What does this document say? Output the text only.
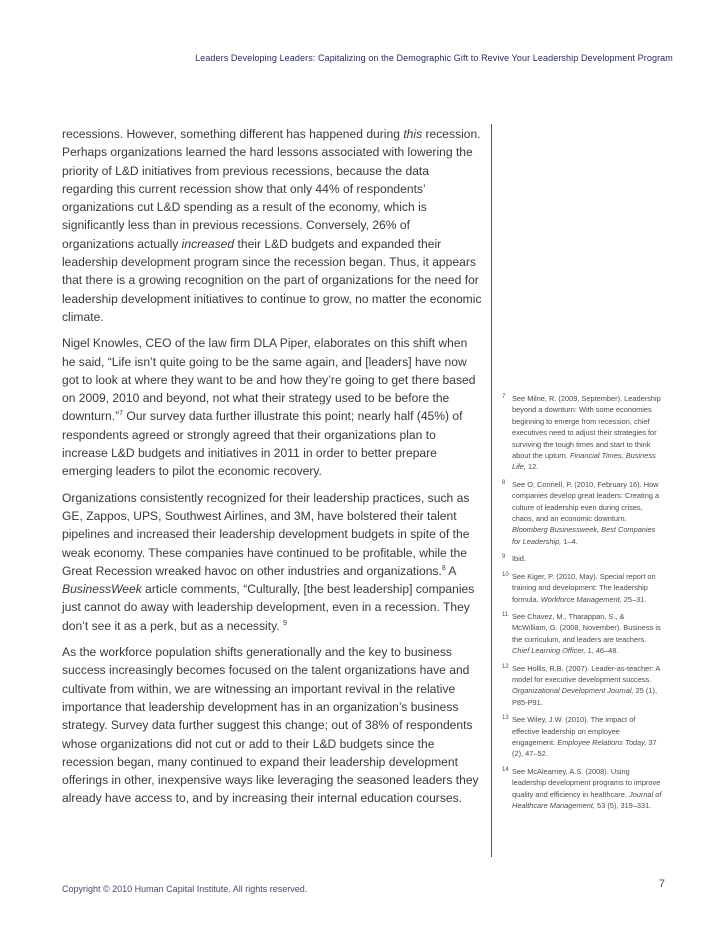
Leaders Developing Leaders: Capitalizing on the Demographic Gift to Revive Your Leadership Development Program

recessions. However, something different has happened during this recession. Perhaps organizations learned the hard lessons associated with lowering the priority of L&D initiatives from previous recessions, because the data regarding this current recession show that only 44% of respondents’ organizations cut L&D spending as a result of the economy, which is significantly less than in previous recessions. Conversely, 26% of organizations actually increased their L&D budgets and expanded their leadership development program since the recession began. Thus, it appears that there is a growing recognition on the part of organizations for the need for leadership development initiatives to continue to grow, no matter the economic climate.

Nigel Knowles, CEO of the law firm DLA Piper, elaborates on this shift when he said, “Life isn’t quite going to be the same again, and [leaders] have now got to look at where they want to be and how they’re going to get there based on 2009, 2010 and beyond, not what their strategy used to be before the downturn.”$^7$ Our survey data further illustrate this point; nearly half (45%) of respondents agreed or strongly agreed that their organizations plan to increase L&D budgets and initiatives in 2011 in order to better prepare emerging leaders to pilot the economic recovery.

Organizations consistently recognized for their leadership practices, such as GE, Zappos, UPS, Southwest Airlines, and 3M, have bolstered their talent pipelines and increased their leadership development budgets in spite of the weak economy. These companies have continued to be profitable, while the Great Recession wreaked havoc on other industries and organizations.$^8$ A BusinessWeek article comments, “Culturally, [the best leadership] companies just cannot do away with leadership development, even in a recession. They don’t see it as a perk, but as a necessity. $^9$

As the workforce population shifts generationally and the key to business success increasingly becomes focused on the talent organizations have and cultivate from within, we are witnessing an important revival in the relative importance that leadership development has in an organization’s business strategy. Survey data further suggest this change; out of 38% of respondents whose organizations did not cut or add to their L&D budgets since the recession began, many continued to expand their leadership development offerings in other, inexpensive ways like leveraging the seasoned leaders they already have access to, and by increasing their internal education courses.

7 See Milne, R. (2009, September). Leadership beyond a downturn: With some economies beginning to emerge from recession, chief executives need to adjust their strategies for surviving the tough times and start to think about the upturn. Financial Times, Business Life, 12.
8 See O, Connell, P. (2010, February 16). How companies develop great leaders: Creating a culture of leadership even during crises, chaos, and an economic downturn. Bloomberg Businessweek, Best Companies for Leadership, 1–4.
9 Ibid.
10 See Kiger, P. (2010, May). Special report on training and development: The leadership formula. Workforce Management, 25–31.
11 See Chavez, M., Tharappan, S., & McWilliam, G. (2008, November). Business is the curriculum, and leaders are teachers. Chief Learning Officer, 1, 46–48.
12 See Hollis, R.B. (2007). Leader-as-teacher: A model for executive development success. Organizational Development Journal, 25 (1), P85-P91.
13 See Wiley, J.W. (2010). The impact of effective leadership on employee engagement. Employee Relations Today, 37 (2), 47–52.
14 See McAlearney, A.S. (2008). Using leadership development programs to improve quality and efficiency in healthcare. Journal of Healthcare Management, 53 (5), 319–331.
Copyright © 2010 Human Capital Institute. All rights reserved.	7
